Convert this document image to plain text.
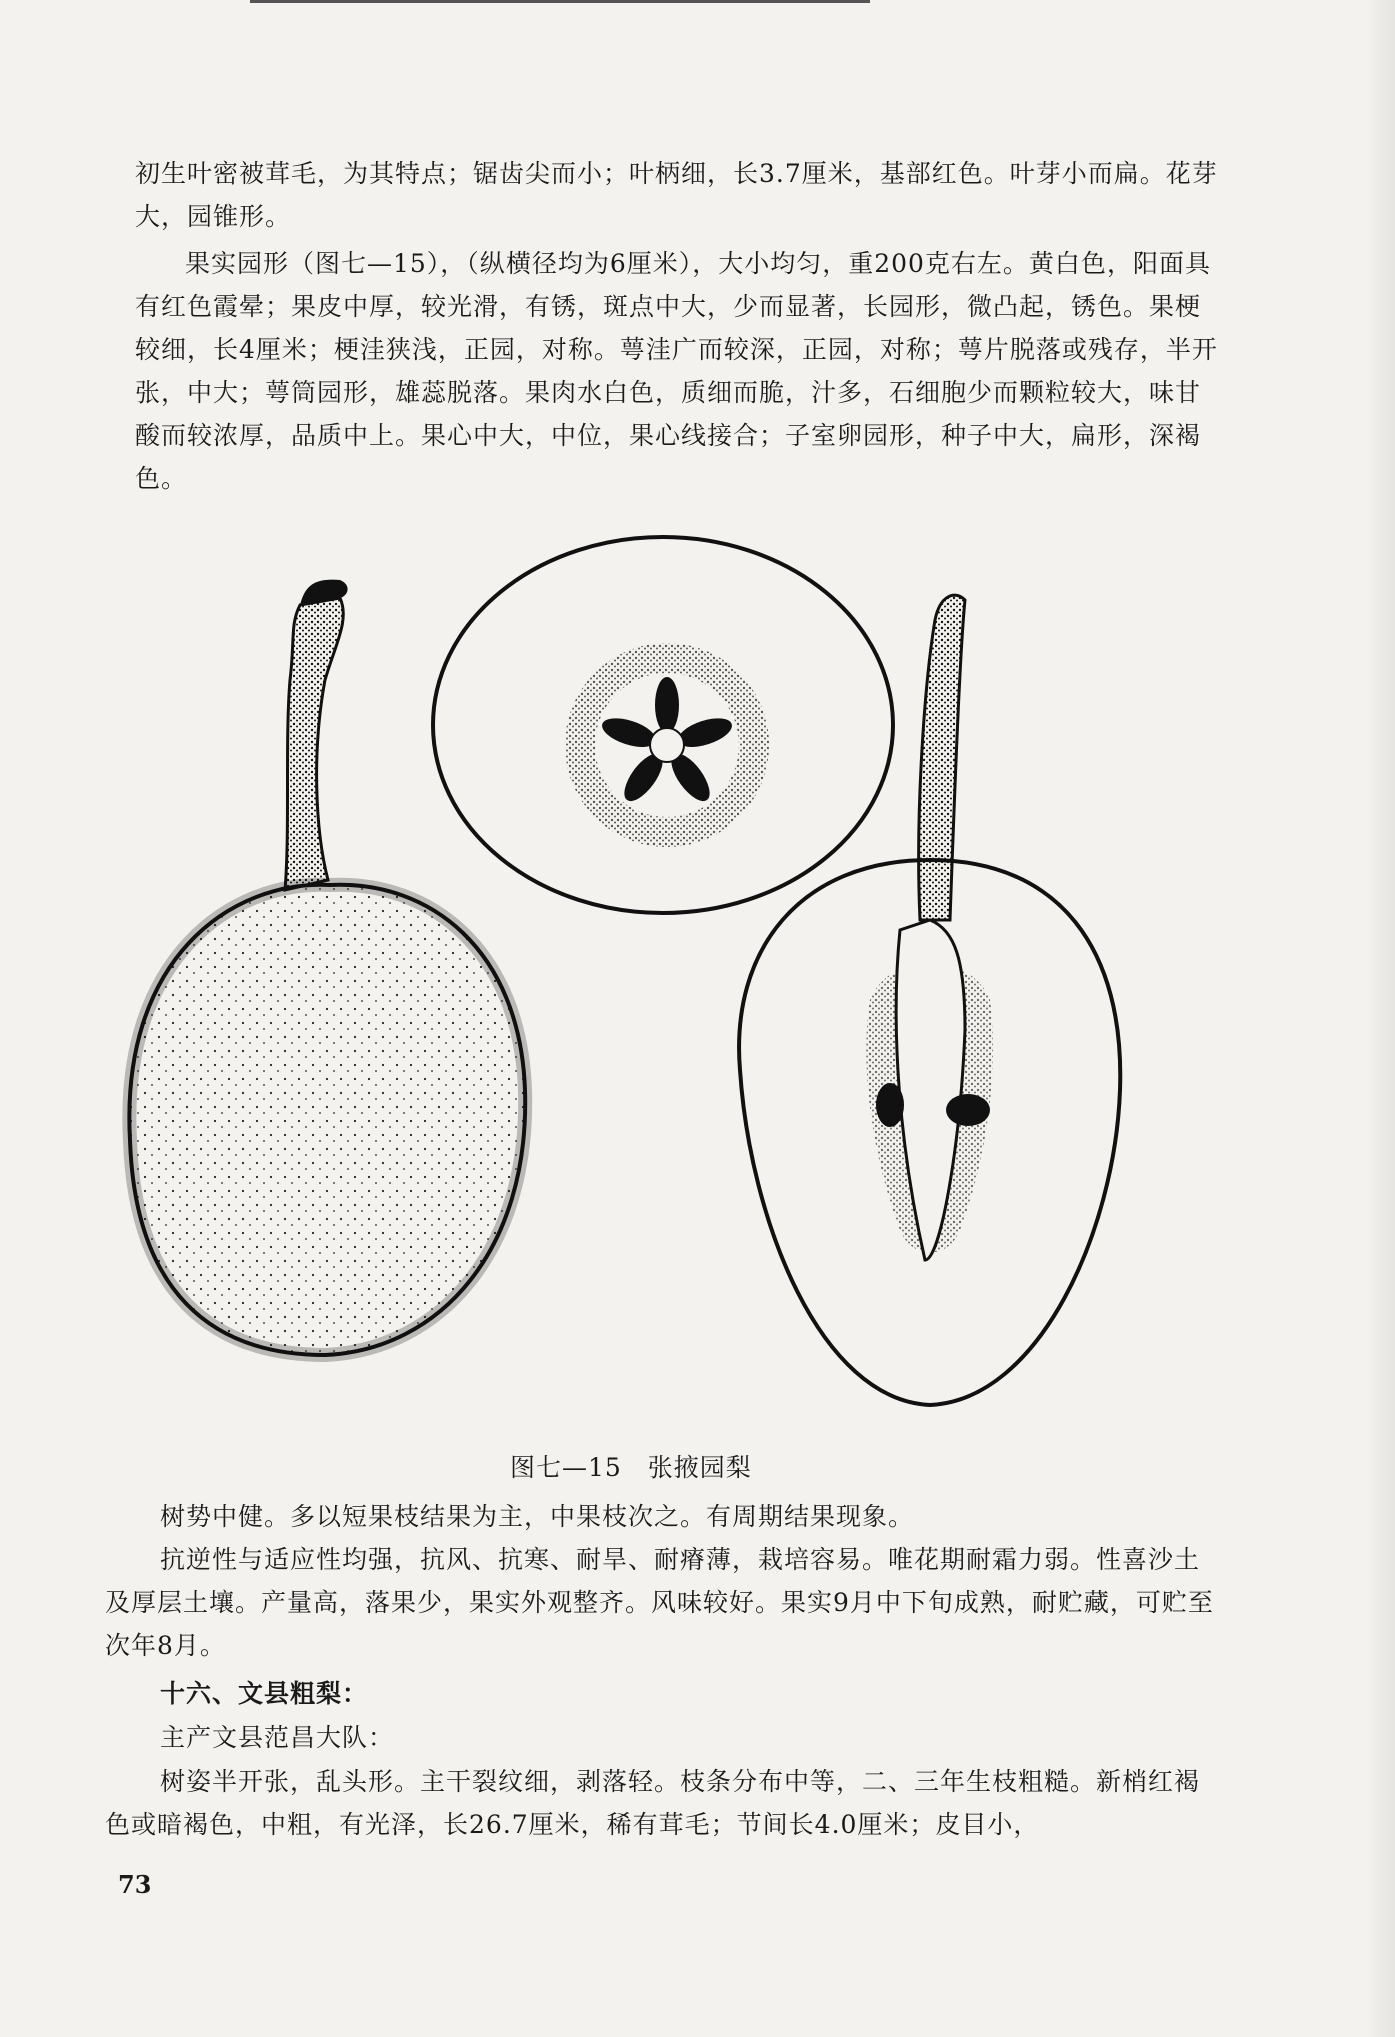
初生叶密被茸毛，为其特点；锯齿尖而小；叶柄细，长3.7厘米，基部红色。叶芽小而扁。花芽大，园锥形。

果实园形（图七—15），（纵横径均为6厘米），大小均匀，重200克右左。黄白色，阳面具有红色霞晕；果皮中厚，较光滑，有锈，斑点中大，少而显著，长园形，微凸起，锈色。果梗较细，长4厘米；梗洼狭浅，正园，对称。萼洼广而较深，正园，对称；萼片脱落或残存，半开张，中大；萼筒园形，雄蕊脱落。果肉水白色，质细而脆，汁多，石细胞少而颗粒较大，味甘酸而较浓厚，品质中上。果心中大，中位，果心线接合；子室卵园形，种子中大，扁形，深褐色。

图七—15　张掖园梨

树势中健。多以短果枝结果为主，中果枝次之。有周期结果现象。

抗逆性与适应性均强，抗风、抗寒、耐旱、耐瘠薄，栽培容易。唯花期耐霜力弱。性喜沙土及厚层土壤。产量高，落果少，果实外观整齐。风味较好。果实9月中下旬成熟，耐贮藏，可贮至次年8月。

十六、文县粗梨：

主产文县范昌大队：

树姿半开张，乱头形。主干裂纹细，剥落轻。枝条分布中等，二、三年生枝粗糙。新梢红褐色或暗褐色，中粗，有光泽，长26.7厘米，稀有茸毛；节间长4.0厘米；皮目小，

73
